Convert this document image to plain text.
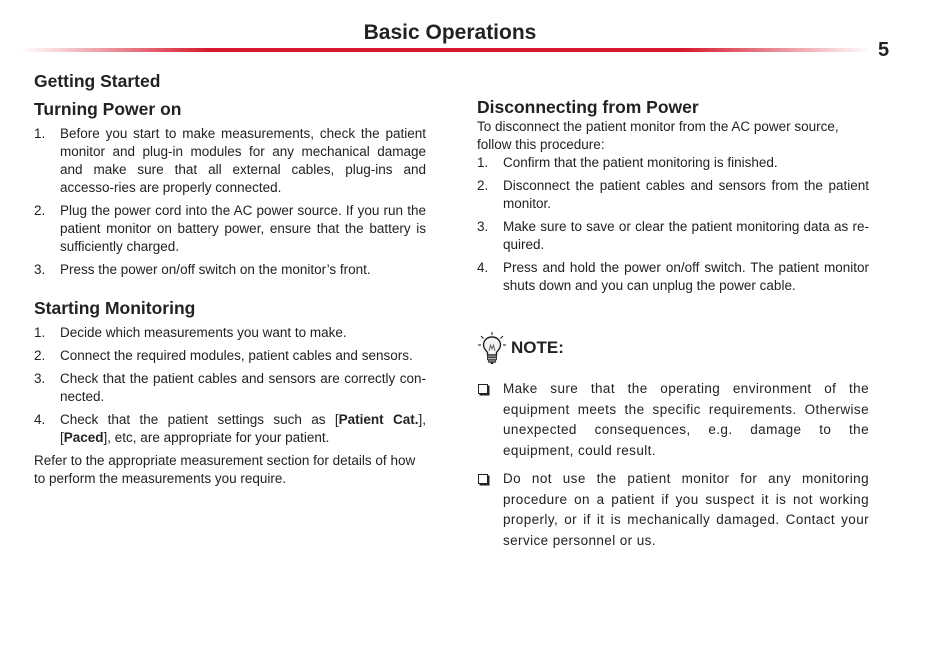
Basic Operations
5
Getting Started
Turning Power on
1. Before you start to make measurements, check the patient monitor and plug-in modules for any mechanical damage and make sure that all external cables, plug-ins and accesso-ries are properly connected.
2. Plug the power cord into the AC power source. If you run the patient monitor on battery power, ensure that the battery is sufficiently charged.
3. Press the power on/off switch on the monitor’s front.
Starting Monitoring
1. Decide which measurements you want to make.
2. Connect the required modules, patient cables and sensors.
3. Check that the patient cables and sensors are correctly con-nected.
4. Check that the patient settings such as [Patient Cat.], [Paced], etc, are appropriate for your patient.

Refer to the appropriate measurement section for details of how to perform the measurements you require.

Disconnecting from Power

To disconnect the patient monitor from the AC power source, follow this procedure:

1. Confirm that the patient monitoring is finished.
2. Disconnect the patient cables and sensors from the patient monitor.
3. Make sure to save or clear the patient monitoring data as re-quired.
4. Press and hold the power on/off switch. The patient monitor shuts down and you can unplug the power cable.
NOTE:
Make sure that the operating environment of the equipment meets the specific requirements. Otherwise unexpected consequences, e.g. damage to the equipment, could result.
Do not use the patient monitor for any monitoring procedure on a patient if you suspect it is not working properly, or if it is mechanically damaged. Contact your service personnel or us.
